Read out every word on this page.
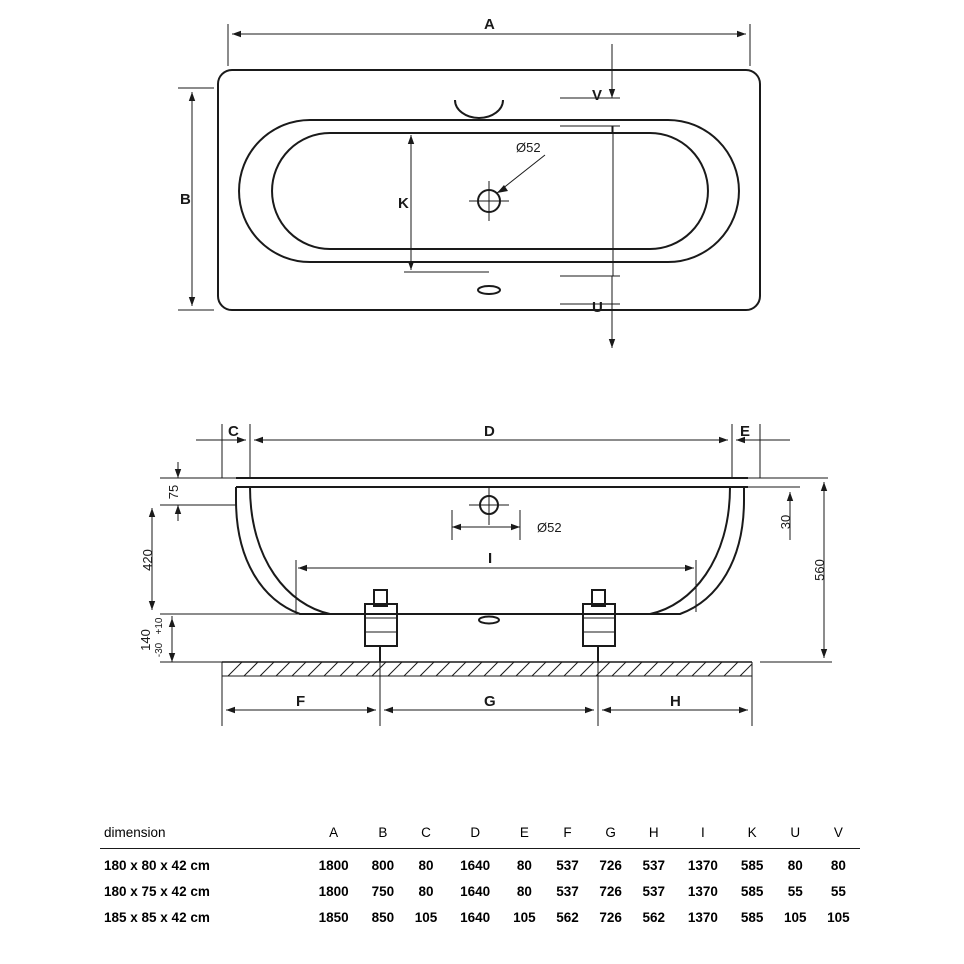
Ø52
A
B	K
V
U
Ø52
C	D	E
75
420
140
+10
-30
I
30
560
F	G	H
dimension	A	B	C	D	E	F	G	H	I	K	U	V
180 x 80 x 42 cm	1800	800	80	1640	80	537	726	537	1370	585	80	80
180 x 75 x 42 cm	1800	750	80	1640	80	537	726	537	1370	585	55	55
185 x 85 x 42 cm	1850	850	105	1640	105	562	726	562	1370	585	105	105
